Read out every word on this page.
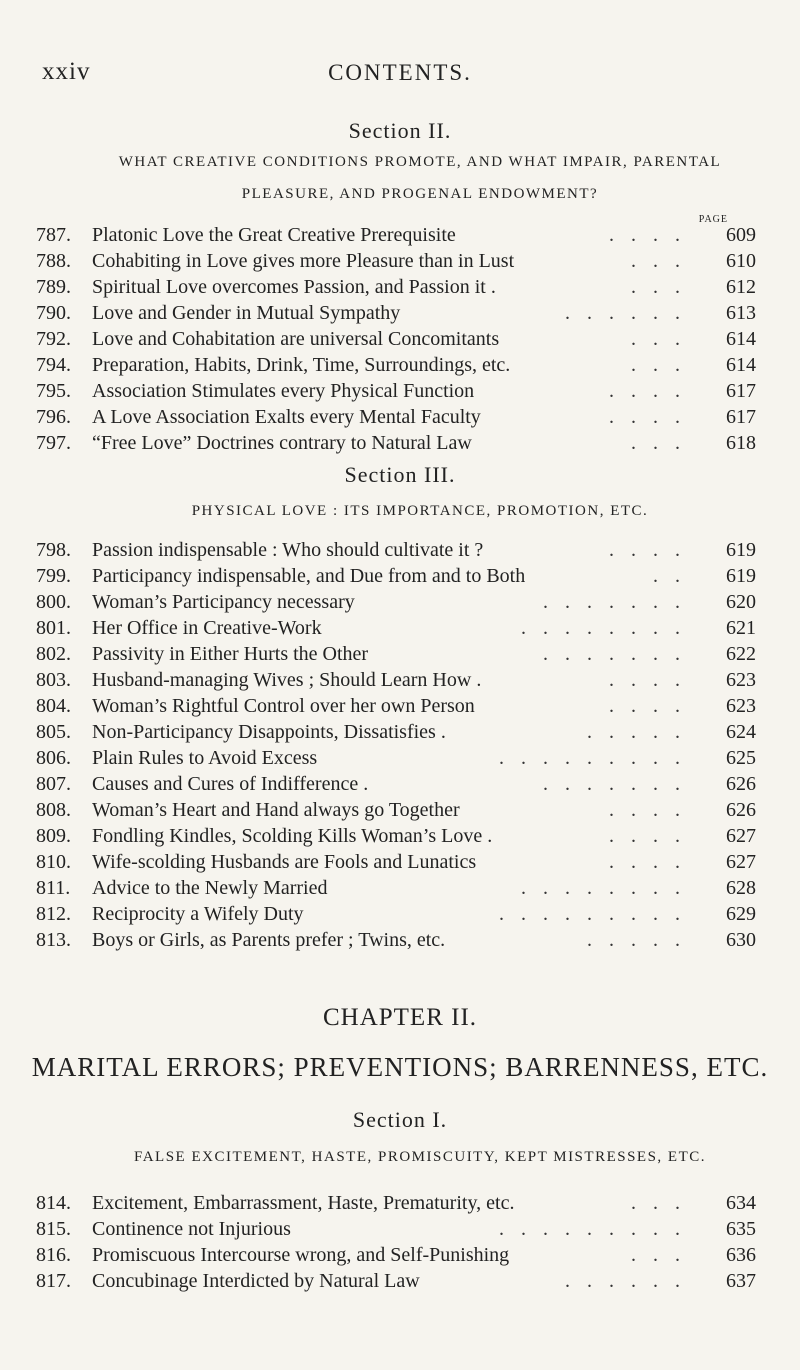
xxiv	CONTENTS.
Section II.
WHAT CREATIVE CONDITIONS PROMOTE, AND WHAT IMPAIR, PARENTAL
PLEASURE, AND PROGENAL ENDOWMENT?
PAGE
787.	Platonic Love the Great Creative Prerequisite	. . . .	609
788.	Cohabiting in Love gives more Pleasure than in Lust	. . .	610
789.	Spiritual Love overcomes Passion, and Passion it .	. . .	612
790.	Love and Gender in Mutual Sympathy	. . . . . .	613
792.	Love and Cohabitation are universal Concomitants	. . .	614
794.	Preparation, Habits, Drink, Time, Surroundings, etc.	. . .	614
795.	Association Stimulates every Physical Function	. . . .	617
796.	A Love Association Exalts every Mental Faculty	. . . .	617
797.	“Free Love” Doctrines contrary to Natural Law	. . .	618
Section III.
PHYSICAL LOVE : ITS IMPORTANCE, PROMOTION, ETC.
798.	Passion indispensable : Who should cultivate it ?	. . . .	619
799.	Participancy indispensable, and Due from and to Both	. .	619
800.	Woman’s Participancy necessary	. . . . . . .	620
801.	Her Office in Creative-Work	. . . . . . . .	621
802.	Passivity in Either Hurts the Other	. . . . . . .	622
803.	Husband-managing Wives ; Should Learn How .	. . . .	623
804.	Woman’s Rightful Control over her own Person	. . . .	623
805.	Non-Participancy Disappoints, Dissatisfies .	. . . . .	624
806.	Plain Rules to Avoid Excess	. . . . . . . . .	625
807.	Causes and Cures of Indifference .	. . . . . . .	626
808.	Woman’s Heart and Hand always go Together	. . . .	626
809.	Fondling Kindles, Scolding Kills Woman’s Love .	. . . .	627
810.	Wife-scolding Husbands are Fools and Lunatics	. . . .	627
811.	Advice to the Newly Married	. . . . . . . .	628
812.	Reciprocity a Wifely Duty	. . . . . . . . .	629
813.	Boys or Girls, as Parents prefer ; Twins, etc.	. . . . .	630
CHAPTER II.
MARITAL ERRORS; PREVENTIONS; BARRENNESS, ETC.
Section I.
FALSE EXCITEMENT, HASTE, PROMISCUITY, KEPT MISTRESSES, ETC.
814.	Excitement, Embarrassment, Haste, Prematurity, etc.	. . .	634
815.	Continence not Injurious	. . . . . . . . .	635
816.	Promiscuous Intercourse wrong, and Self-Punishing	. . .	636
817.	Concubinage Interdicted by Natural Law	. . . . . .	637
